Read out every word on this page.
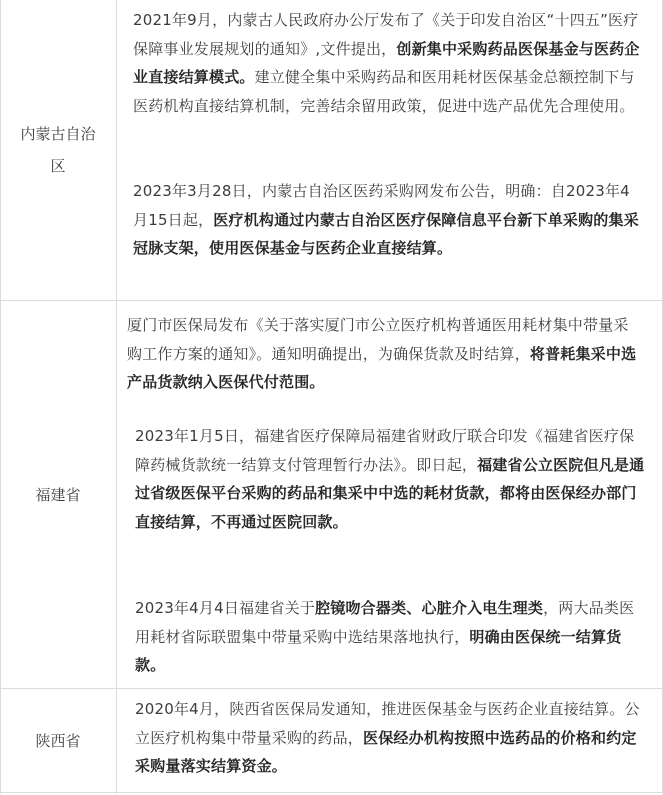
内蒙古自治区
2021年9月，内蒙古人民政府办公厅发布了《关于印发自治区“十四五”医疗保障事业发展规划的通知》,文件提出，创新集中采购药品医保基金与医药企业直接结算模式。建立健全集中采购药品和医用耗材医保基金总额控制下与医药机构直接结算机制，完善结余留用政策，促进中选产品优先合理使用。
2023年3月28日，内蒙古自治区医药采购网发布公告，明确：自2023年4月15日起，医疗机构通过内蒙古自治区医疗保障信息平台新下单采购的集采冠脉支架，使用医保基金与医药企业直接结算。
福建省
厦门市医保局发布《关于落实厦门市公立医疗机构普通医用耗材集中带量采购工作方案的通知》。通知明确提出，为确保货款及时结算，将普耗集采中选产品货款纳入医保代付范围。
2023年1月5日，福建省医疗保障局福建省财政厅联合印发《福建省医疗保障药械货款统一结算支付管理暂行办法》。即日起，福建省公立医院但凡是通过省级医保平台采购的药品和集采中中选的耗材货款，都将由医保经办部门直接结算，不再通过医院回款。
2023年4月4日福建省关于腔镜吻合器类、心脏介入电生理类，两大品类医用耗材省际联盟集中带量采购中选结果落地执行，明确由医保统一结算货款。
陕西省
2020年4月，陕西省医保局发通知，推进医保基金与医药企业直接结算。公立医疗机构集中带量采购的药品，医保经办机构按照中选药品的价格和约定采购量落实结算资金。
